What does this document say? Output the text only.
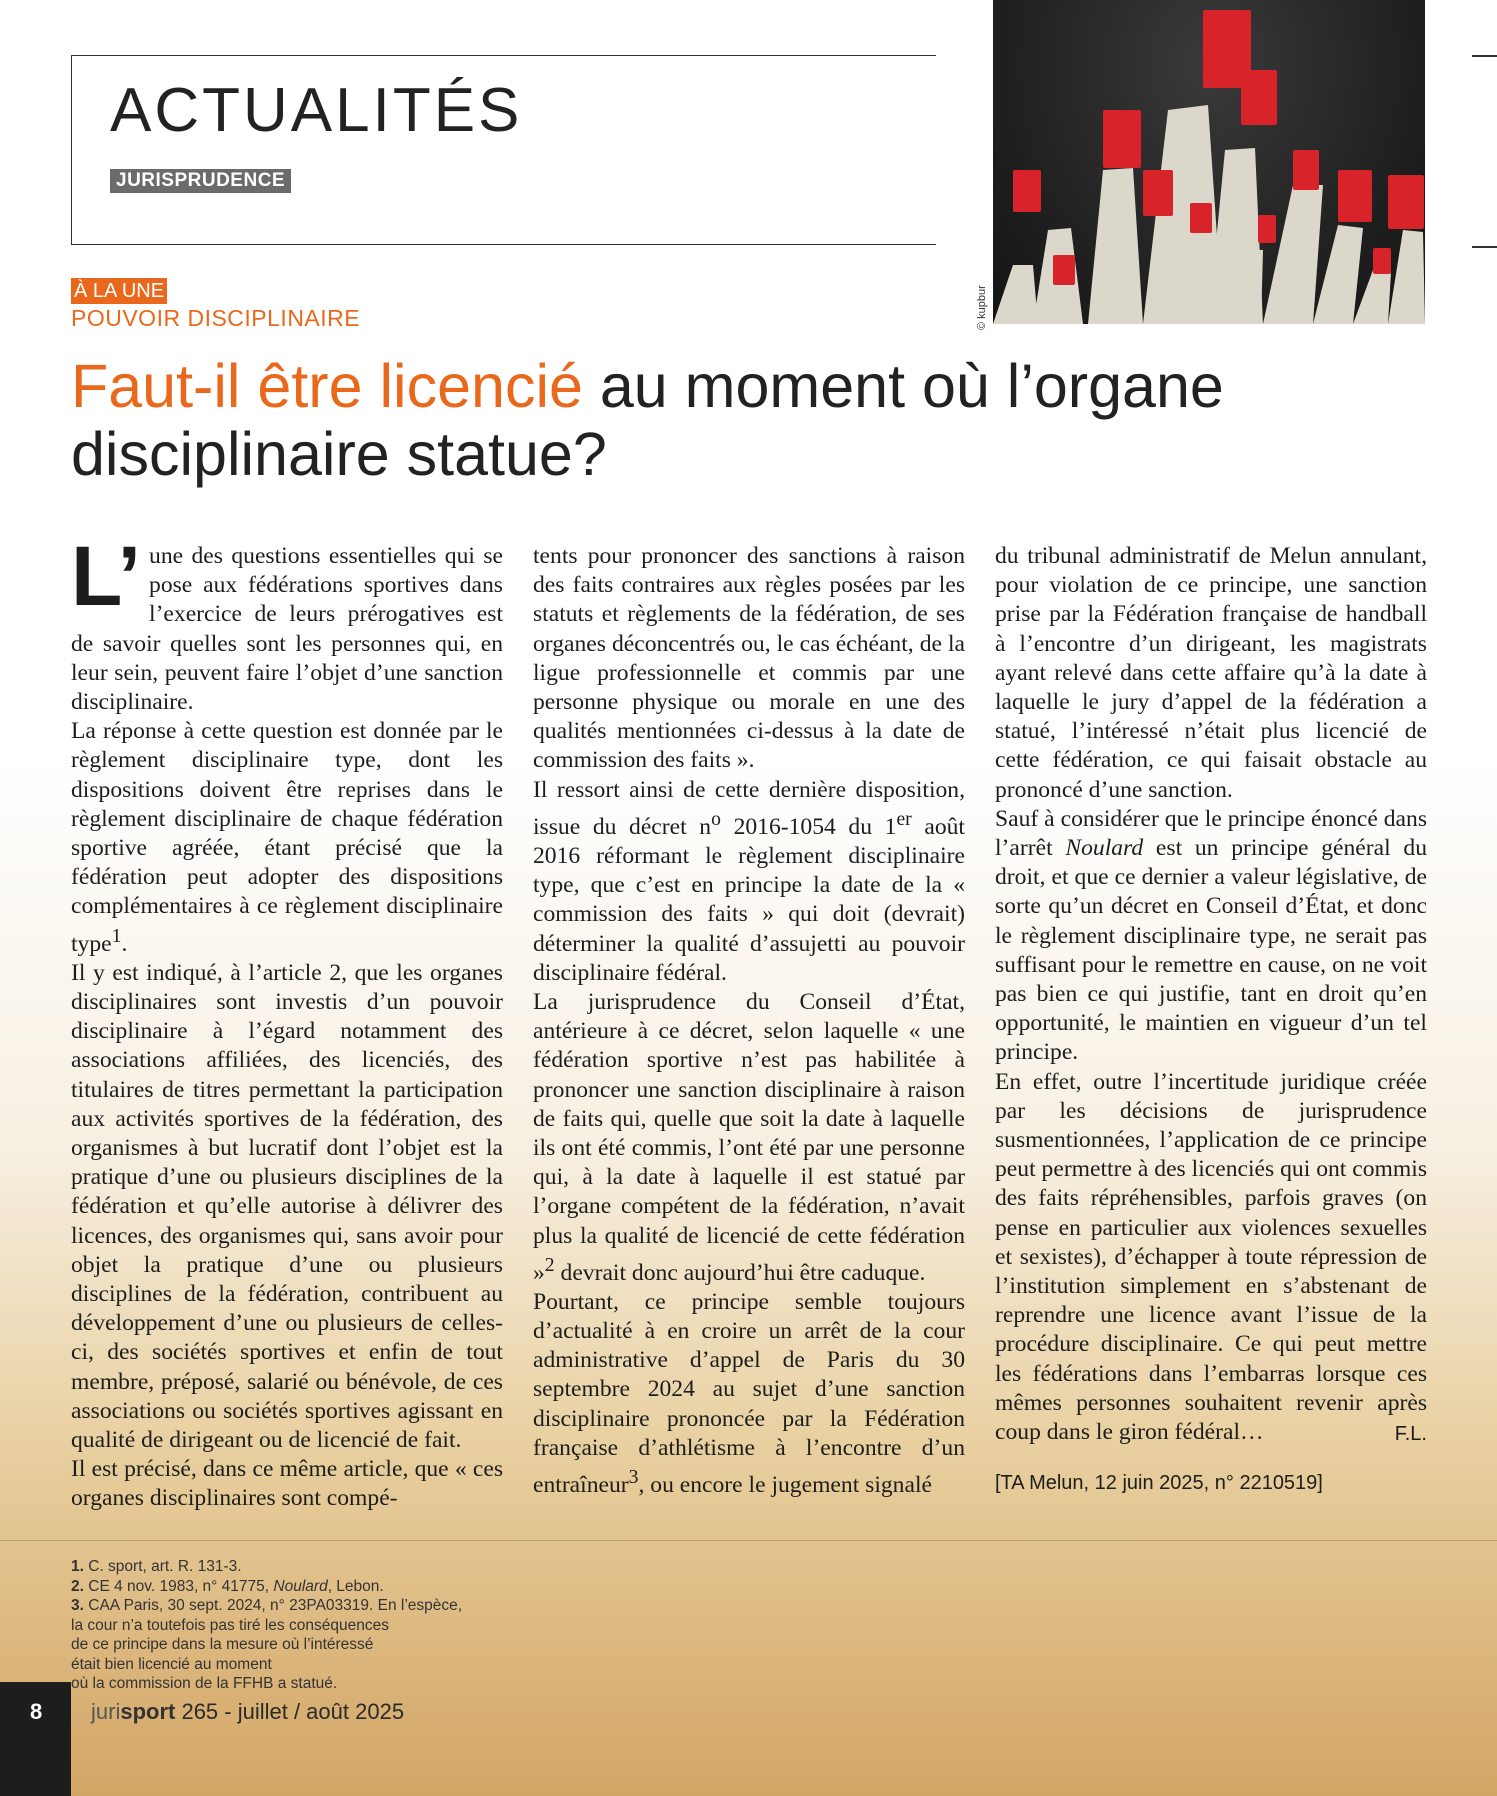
ACTUALITÉS
JURISPRUDENCE
© kupbur
À LA UNE
POUVOIR DISCIPLINAIRE
Faut-il être licencié au moment où l’organe disciplinaire statue?

L’ une des questions essentielles qui se pose aux fédérations sportives dans l’exercice de leurs prérogatives est de savoir quelles sont les personnes qui, en leur sein, peuvent faire l’objet d’une sanction disciplinaire.

La réponse à cette question est donnée par le règlement disciplinaire type, dont les dispositions doivent être reprises dans le règlement disciplinaire de chaque fédération sportive agréée, étant précisé que la fédération peut adopter des dispositions complémentaires à ce règlement disciplinaire type$^1$.

Il y est indiqué, à l’article 2, que les organes disciplinaires sont investis d’un pouvoir disciplinaire à l’égard notamment des associations affiliées, des licenciés, des titulaires de titres permettant la participation aux activités sportives de la fédération, des organismes à but lucratif dont l’objet est la pratique d’une ou plusieurs disciplines de la fédération et qu’elle autorise à délivrer des licences, des organismes qui, sans avoir pour objet la pratique d’une ou plusieurs disciplines de la fédération, contribuent au développement d’une ou plusieurs de celles-ci, des sociétés sportives et enfin de tout membre, préposé, salarié ou bénévole, de ces associations ou sociétés sportives agissant en qualité de dirigeant ou de licencié de fait.

Il est précisé, dans ce même article, que « ces organes disciplinaires sont compé-

tents pour prononcer des sanctions à raison des faits contraires aux règles posées par les statuts et règlements de la fédération, de ses organes déconcentrés ou, le cas échéant, de la ligue professionnelle et commis par une personne physique ou morale en une des qualités mentionnées ci-dessus à la date de commission des faits ».

Il ressort ainsi de cette dernière disposition, issue du décret $n^o$ 2016-1054 du 1er août 2016 réformant le règlement disciplinaire type, que c’est en principe la date de la « commission des faits » qui doit (devrait) déterminer la qualité d’assujetti au pouvoir disciplinaire fédéral.

La jurisprudence du Conseil d’État, antérieure à ce décret, selon laquelle « une fédération sportive n’est pas habilitée à prononcer une sanction disciplinaire à raison de faits qui, quelle que soit la date à laquelle ils ont été commis, l’ont été par une personne qui, à la date à laquelle il est statué par l’organe compétent de la fédération, n’avait plus la qualité de licencié de cette fédération »$^2$ devrait donc aujourd’hui être caduque.

Pourtant, ce principe semble toujours d’actualité à en croire un arrêt de la cour administrative d’appel de Paris du 30 septembre 2024 au sujet d’une sanction disciplinaire prononcée par la Fédération française d’athlétisme à l’encontre d’un entraîneur$^3$, ou encore le jugement signalé

du tribunal administratif de Melun annulant, pour violation de ce principe, une sanction prise par la Fédération française de handball à l’encontre d’un dirigeant, les magistrats ayant relevé dans cette affaire qu’à la date à laquelle le jury d’appel de la fédération a statué, l’intéressé n’était plus licencié de cette fédération, ce qui faisait obstacle au prononcé d’une sanction.

Sauf à considérer que le principe énoncé dans l’arrêt Noulard est un principe général du droit, et que ce dernier a valeur législative, de sorte qu’un décret en Conseil d’État, et donc le règlement disciplinaire type, ne serait pas suffisant pour le remettre en cause, on ne voit pas bien ce qui justifie, tant en droit qu’en opportunité, le maintien en vigueur d’un tel principe.

En effet, outre l’incertitude juridique créée par les décisions de jurisprudence susmentionnées, l’application de ce principe peut permettre à des licenciés qui ont commis des faits répréhensibles, parfois graves (on pense en particulier aux violences sexuelles et sexistes), d’échapper à toute répression de l’institution simplement en s’abstenant de reprendre une licence avant l’issue de la procédure disciplinaire. Ce qui peut mettre les fédérations dans l’embarras lorsque ces mêmes personnes souhaitent revenir après coup dans le giron fédéral…	F.L.

[TA Melun, 12 juin 2025, n° 2210519]

1. C. sport, art. R. 131-3.

2. CE 4 nov. 1983, n° 41775, Noulard, Lebon.

3. CAA Paris, 30 sept. 2024, n° 23PA03319. En l’espèce,
la cour n’a toutefois pas tiré les conséquences
de ce principe dans la mesure où l’intéressé
était bien licencié au moment
où la commission de la FFHB a statué.

8 jurisport 265 - juillet / août 2025
